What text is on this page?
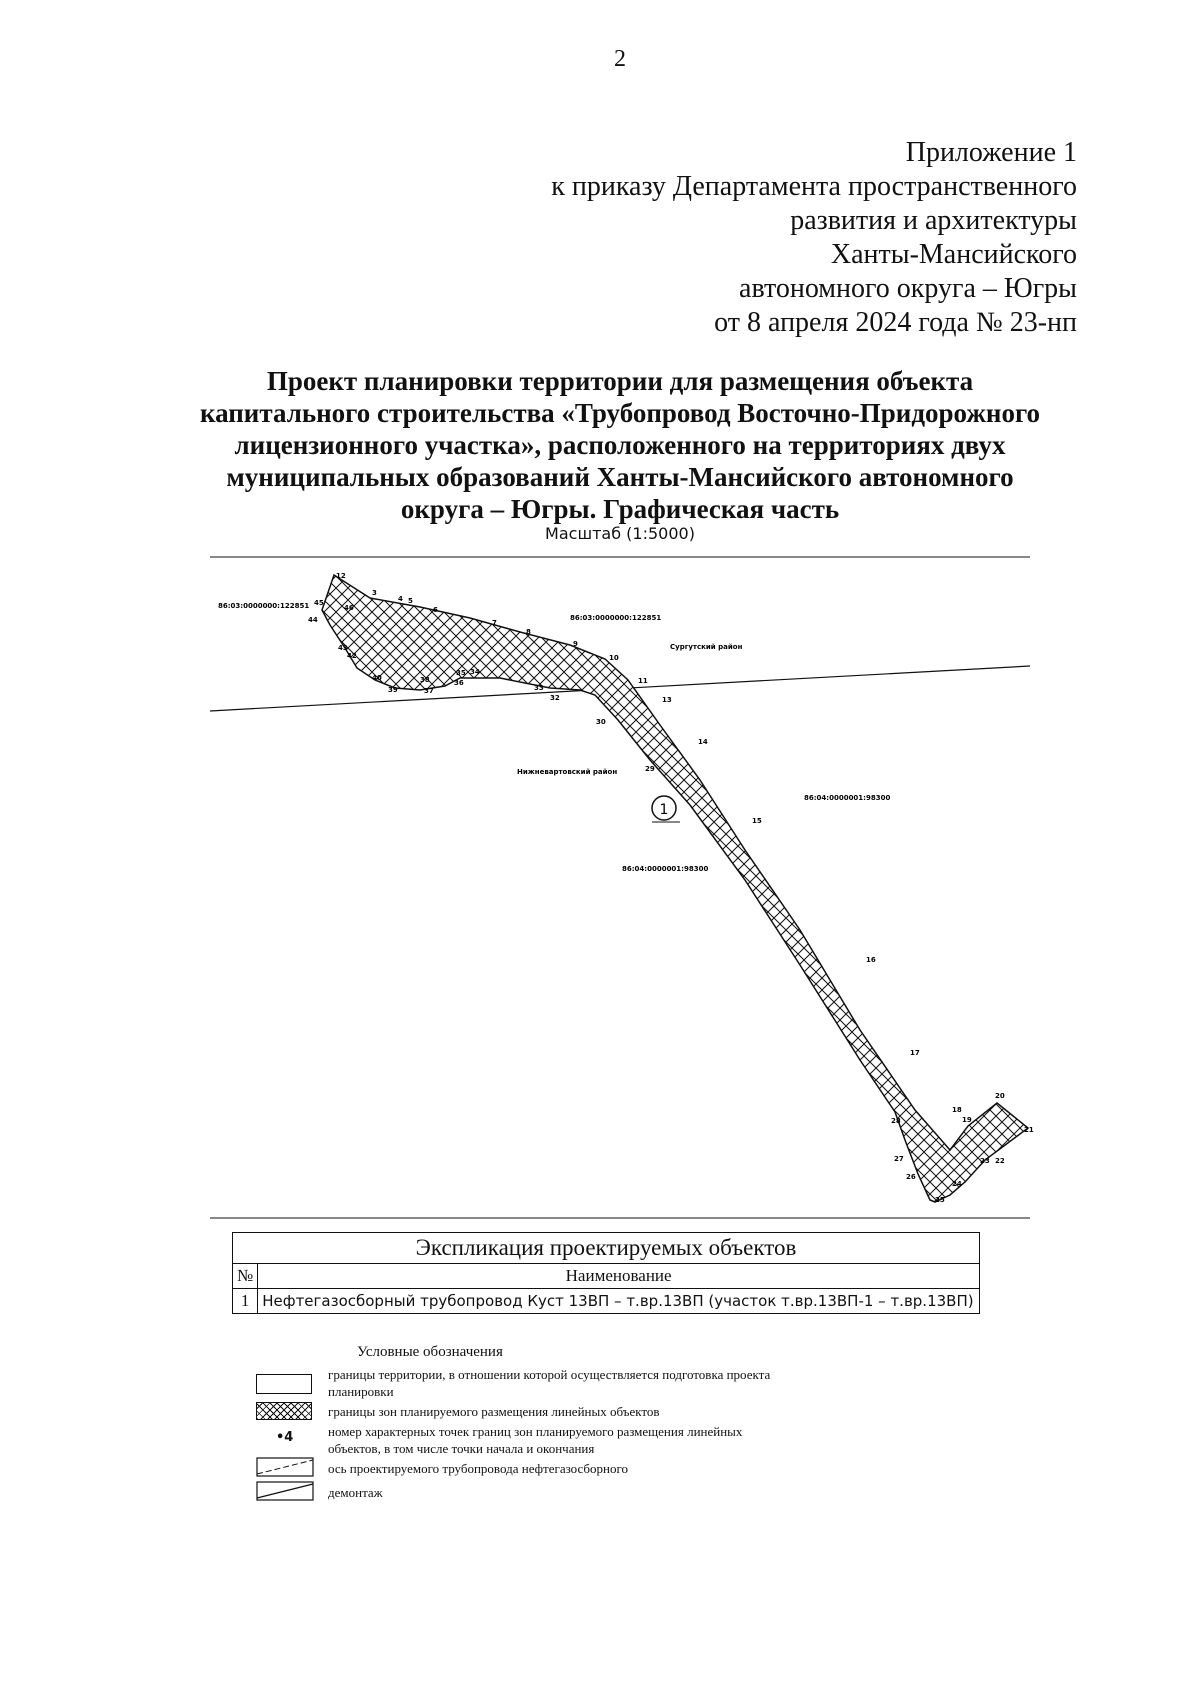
2
Приложение 1
к приказу Департамента пространственного
развития и архитектуры
Ханты-Мансийского
автономного округа – Югры
от 8 апреля 2024 года № 23-нп
Проект планировки территории для размещения объекта
капитального строительства «Трубопровод Восточно-Придорожного
лицензионного участка», расположенного на территориях двух
муниципальных образований Ханты-Мансийского автономного
округа – Югры. Графическая часть
Масштаб (1:5000)
1
86:03:0000000:122851
86:03:0000000:122851
Сургутский район
Нижневартовский район
86:04:0000001:98300
86:04:0000001:98300
12
3
4 5
6
7
8
9
10
11
13
14
15
16
17
18
19
20
21
22
23
24
25
26
27
28
29
30
32
33
34
35
36
37
38
39
40
42
43
44
45
46
Экспликация проектируемых объектов	
№	Наименование
1	Нефтегазосборный трубопровод Куст 13ВП – т.вр.13ВП (участок т.вр.13ВП-1 – т.вр.13ВП)
Условные обозначения
границы территории, в отношении которой осуществляется подготовка проекта планировки
границы зон планируемого размещения линейных объектов
•4	номер характерных точек границ зон планируемого размещения линейных объектов, в том числе точки начала и окончания
ось проектируемого трубопровода нефтегазосборного
демонтаж
